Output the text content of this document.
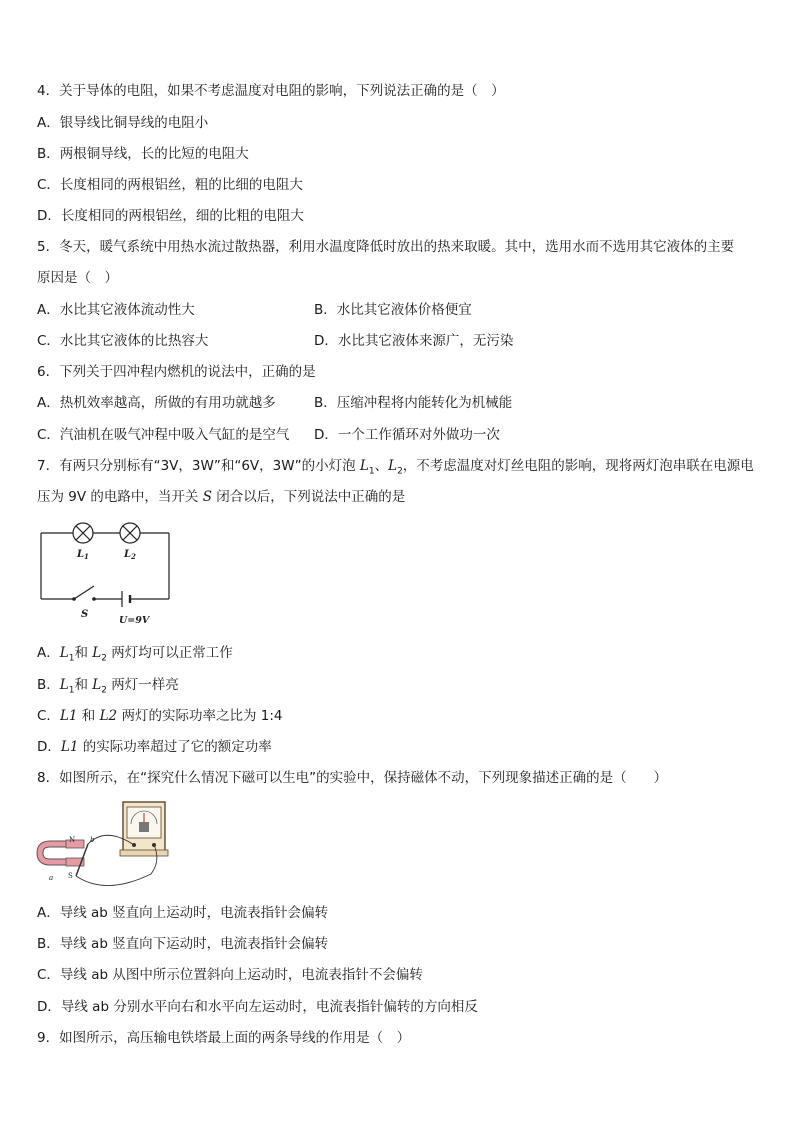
4．关于导体的电阻，如果不考虑温度对电阻的影响，下列说法正确的是（　）
A．银导线比铜导线的电阻小
B．两根铜导线，长的比短的电阻大
C．长度相同的两根铝丝，粗的比细的电阻大
D．长度相同的两根铝丝，细的比粗的电阻大
5．冬天，暖气系统中用热水流过散热器，利用水温度降低时放出的热来取暖。其中，选用水而不选用其它液体的主要
原因是（　）
A．水比其它液体流动性大	B．水比其它液体价格便宜
C．水比其它液体的比热容大	D．水比其它液体来源广，无污染
6．下列关于四冲程内燃机的说法中，正确的是
A．热机效率越高，所做的有用功就越多	B．压缩冲程将内能转化为机械能
C．汽油机在吸气冲程中吸入气缸的是空气 D．一个工作循环对外做功一次
7．有两只分别标有“3V，3W”和“6V，3W”的小灯泡 $L_1$、$L_2$，不考虑温度对灯丝电阻的影响，现将两灯泡串联在电源电
压为 9V 的电路中，当开关 S 闭合以后，下列说法中正确的是
$L_1$	$L_2$
S
U=9V
A．$L_1$和 $L_2$ 两灯均可以正常工作
B．$L_1$和 $L_2$ 两灯一样亮
C．L1 和 L2 两灯的实际功率之比为 1:4
D．L1 的实际功率超过了它的额定功率
8．如图所示，在“探究什么情况下磁可以生电”的实验中，保持磁体不动，下列现象描述正确的是（　　）
N
S
b
a
A．导线 ab 竖直向上运动时，电流表指针会偏转
B．导线 ab 竖直向下运动时，电流表指针会偏转
C．导线 ab 从图中所示位置斜向上运动时，电流表指针不会偏转
D．导线 ab 分别水平向右和水平向左运动时，电流表指针偏转的方向相反
9．如图所示，高压输电铁塔最上面的两条导线的作用是（　）
